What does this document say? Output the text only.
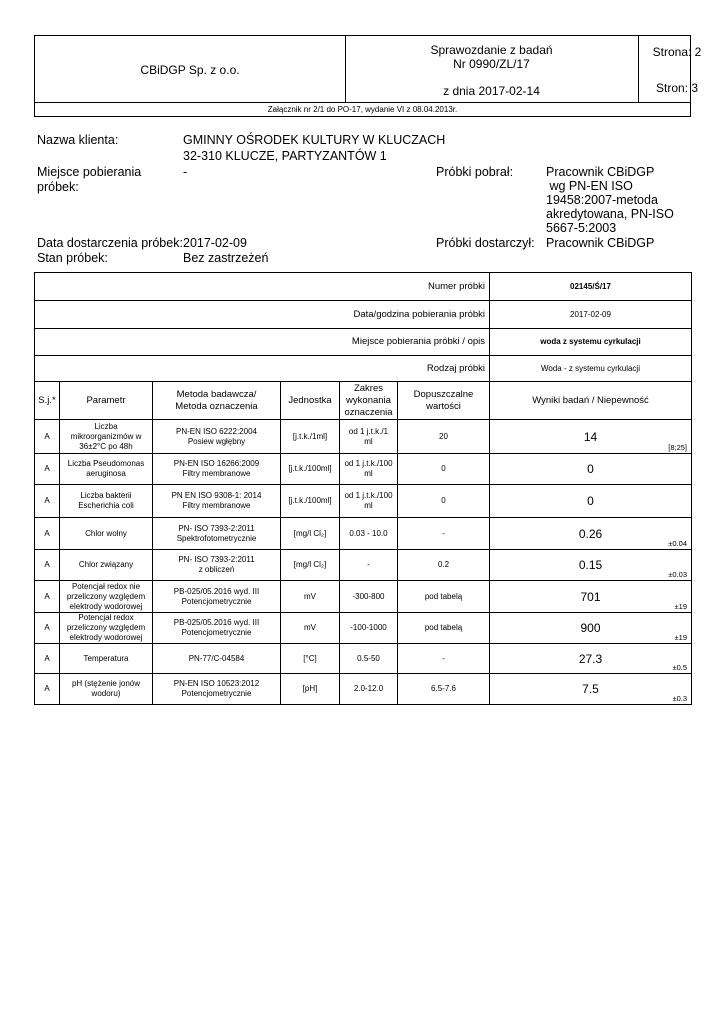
CBiDGP Sp. z o.o.
Sprawozdanie z badań
Nr 0990/ZL/17
z dnia 2017-02-14
Strona: 2
Stron: 3
Załącznik nr 2/1 do PO-17, wydanie VI z 08.04.2013r.
Nazwa klienta:	GMINNY OŚRODEK KULTURY W KLUCZACH
32-310 KLUCZE, PARTYZANTÓW 1
Miejsce pobierania
próbek:
-	Próbki pobrał:	Pracownik CBiDGP
wg PN-EN ISO
19458:2007-metoda
akredytowana, PN-ISO
5667-5:2003
Data dostarczenia próbek: 2017-02-09	Próbki dostarczył: Pracownik CBiDGP
Stan próbek:	Bez zastrzeżeń
Numer próbki						02145/Ś/17
Data/godzina pobierania próbki						2017-02-09
Miejsce pobierania próbki / opis						woda z systemu cyrkulacji
Rodzaj próbki						Woda - z systemu cyrkulacji
S.j.*	Parametr	Metoda badawcza/
Metoda oznaczenia	Jednostka	Zakres
wykonania
oznaczenia	Dopuszczalne
wartości	Wyniki badań / Niepewność
A	Liczba
mikroorganizmów w
36±2°C po 48h	PN-EN ISO 6222:2004
Posiew wgłębny	[j.t.k./1ml]	od 1 j.t.k./1
ml	20	14
[8;25]

A	Liczba Pseudomonas
aeruginosa	PN-EN ISO 16266:2009
Filtry membranowe	[j.t.k./100ml]	od 1 j.t.k./100
ml	0	0

A	Liczba bakterii
Escherichia coli	PN EN ISO 9308-1: 2014
Filtry membranowe	[j.t.k./100ml]	od 1 j.t.k./100
ml	0	0

A	Chlor wolny	PN- ISO 7393-2:2011
Spektrofotometrycznie	[mg/l Cl₂]	0.03 - 10.0	-	0.26
±0.04

A	Chlor związany	PN- ISO 7393-2:2011
z obliczeń	[mg/l Cl₂]	-	0.2	0.15
±0.03

A	Potencjał redox nie
przeliczony względem
elektrody wodorowej	PB-025/05.2016 wyd. III
Potencjometrycznie	mV	-300-800	pod tabelą	701
±19

A	Potencjał redox
przeliczony względem
elektrody wodorowej	PB-025/05.2016 wyd. III
Potencjometrycznie	mV	-100-1000	pod tabelą	900
±19

A	Temperatura	PN-77/C-04584	[°C]	0.5-50	-	27.3
±0.5

A	pH (stężenie jonów
wodoru)	PN-EN ISO 10523:2012
Potencjometrycznie	[pH]	2.0-12.0	6.5-7.6	7.5
±0.3
